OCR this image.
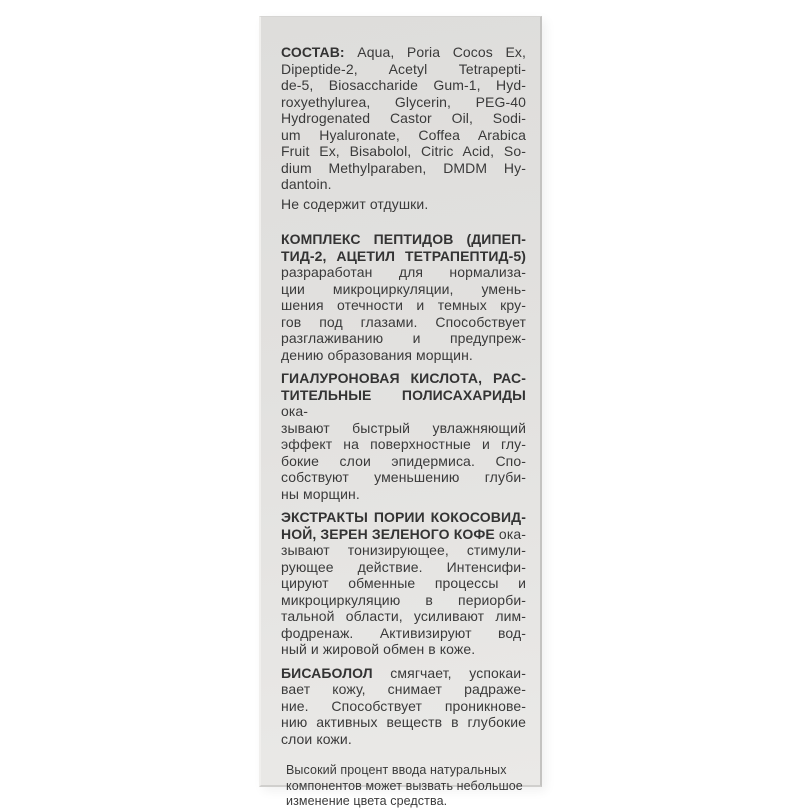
СОСТАВ: Aqua, Poria Cocos Ex,
Dipeptide-2, Acetyl Tetrapepti-
de-5, Biosaccharide Gum-1, Hyd-
roxyethylurea, Glycerin, PEG-40
Hydrogenated Castor Oil, Sodi-
um Hyaluronate, Coffea Arabica
Fruit Ex, Bisabolol, Citric Acid, So-
dium Methylparaben, DMDM Hy-
dantoin.
Не содержит отдушки.
КОМПЛЕКС ПЕПТИДОВ (ДИПЕП-
ТИД-2, АЦЕТИЛ ТЕТРАПЕПТИД-5)
разраработан для нормализа-
ции микроциркуляции, умень-
шения отечности и темных кру-
гов под глазами. Способствует
разглаживанию и предупреж-
дению образования морщин.
ГИАЛУРОНОВАЯ КИСЛОТА, РАС-
ТИТЕЛЬНЫЕ ПОЛИСАХАРИДЫ ока-
зывают быстрый увлажняющий
эффект на поверхностные и глу-
бокие слои эпидермиса. Спо-
собствуют уменьшению глуби-
ны морщин.
ЭКСТРАКТЫ ПОРИИ КОКОСОВИД-
НОЙ, ЗЕРЕН ЗЕЛЕНОГО КОФЕ ока-
зывают тонизирующее, стимули-
рующее действие. Интенсифи-
цируют обменные процессы и
микроциркуляцию в периорби-
тальной области, усиливают лим-
фодренаж. Активизируют вод-
ный и жировой обмен в коже.
БИСАБОЛОЛ смягчает, успокаи-
вает кожу, снимает радраже-
ние. Способствует проникнове-
нию активных веществ в глубокие
слои кожи.
Высокий процент ввода натуральных
компонентов может вызвать небольшое
изменение цвета средства.
